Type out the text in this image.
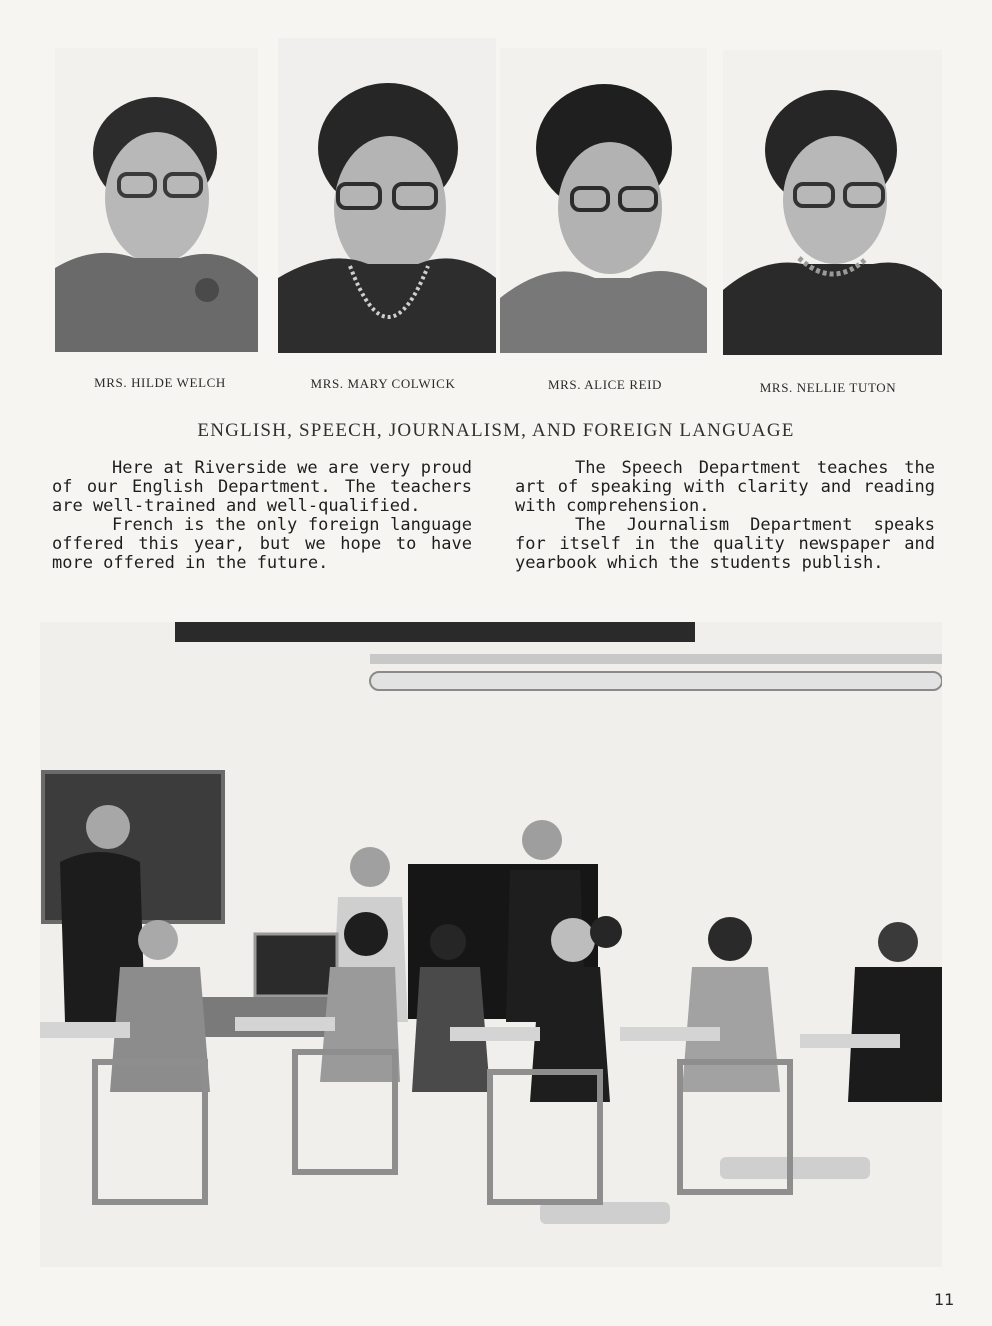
MRS. HILDE WELCH	MRS. MARY COLWICK	MRS. ALICE REID	MRS. NELLIE TUTON
ENGLISH, SPEECH, JOURNALISM, AND FOREIGN LANGUAGE

Here at Riverside we are very proud of our English Department. The teachers are well-trained and well-qualified.

French is the only foreign language offered this year, but we hope to have more offered in the future.

The Speech Department teaches the art of speaking with clarity and reading with comprehension.

The Journalism Department speaks for itself in the quality newspaper and yearbook which the students publish.

11
